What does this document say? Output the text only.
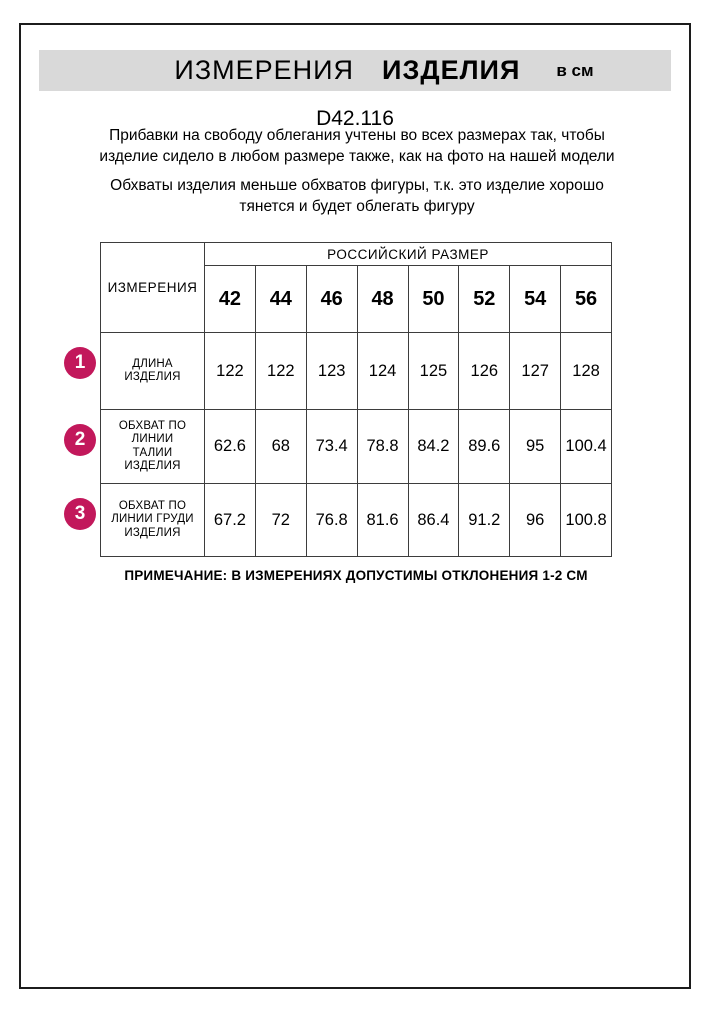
ИЗМЕРЕНИЯ ИЗДЕЛИЯ в см
D42.116

Прибавки на свободу облегания учтены во всех размерах так, чтобы изделие сидело в любом размере также, как на фото на нашей модели

Обхваты изделия меньше обхватов фигуры, т.к. это изделие хорошо тянется и будет облегать фигуру

1
2
3
ИЗМЕРЕНИЯ	РОССИЙСКИЙ РАЗМЕР							
	42	44	46	48	50	52	54	56
ДЛИНА ИЗДЕЛИЯ	122	122	123	124	125	126	127	128
ОБХВАТ ПО ЛИНИИ ТАЛИИ ИЗДЕЛИЯ	62.6	68	73.4	78.8	84.2	89.6	95	100.4
ОБХВАТ ПО ЛИНИИ ГРУДИ ИЗДЕЛИЯ	67.2	72	76.8	81.6	86.4	91.2	96	100.8
ПРИМЕЧАНИЕ: В ИЗМЕРЕНИЯХ ДОПУСТИМЫ ОТКЛОНЕНИЯ 1-2 СМ
